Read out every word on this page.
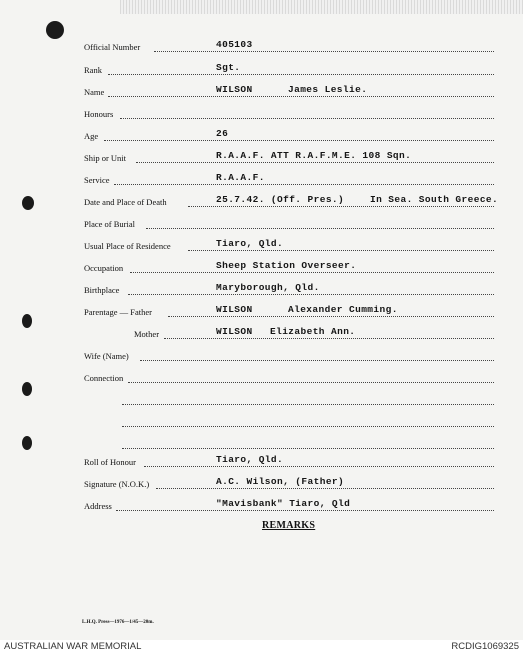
Official Number	405103
Rank	Sgt.
Name	WILSON	James Leslie.
Honours
Age	26
Ship or Unit	R.A.A.F. ATT R.A.F.M.E. 108 Sqn.
Service	R.A.A.F.
Date and Place of Death	25.7.42. (Off. Pres.)	In Sea. South Greece.
Place of Burial
Usual Place of Residence	Tiaro, Qld.
Occupation	Sheep Station Overseer.
Birthplace	Maryborough, Qld.
Parentage — Father	WILSON	Alexander Cumming.
Mother	WILSON Elizabeth Ann.
Wife (Name)
Connection
Roll of Honour	Tiaro, Qld.
Signature (N.O.K.)	A.C. Wilson, (Father)
Address	"Mavisbank" Tiaro, Qld
REMARKS
L.H.Q. Press—1976—1/45—20m.
AUSTRALIAN WAR MEMORIAL	RCDIG1069325
